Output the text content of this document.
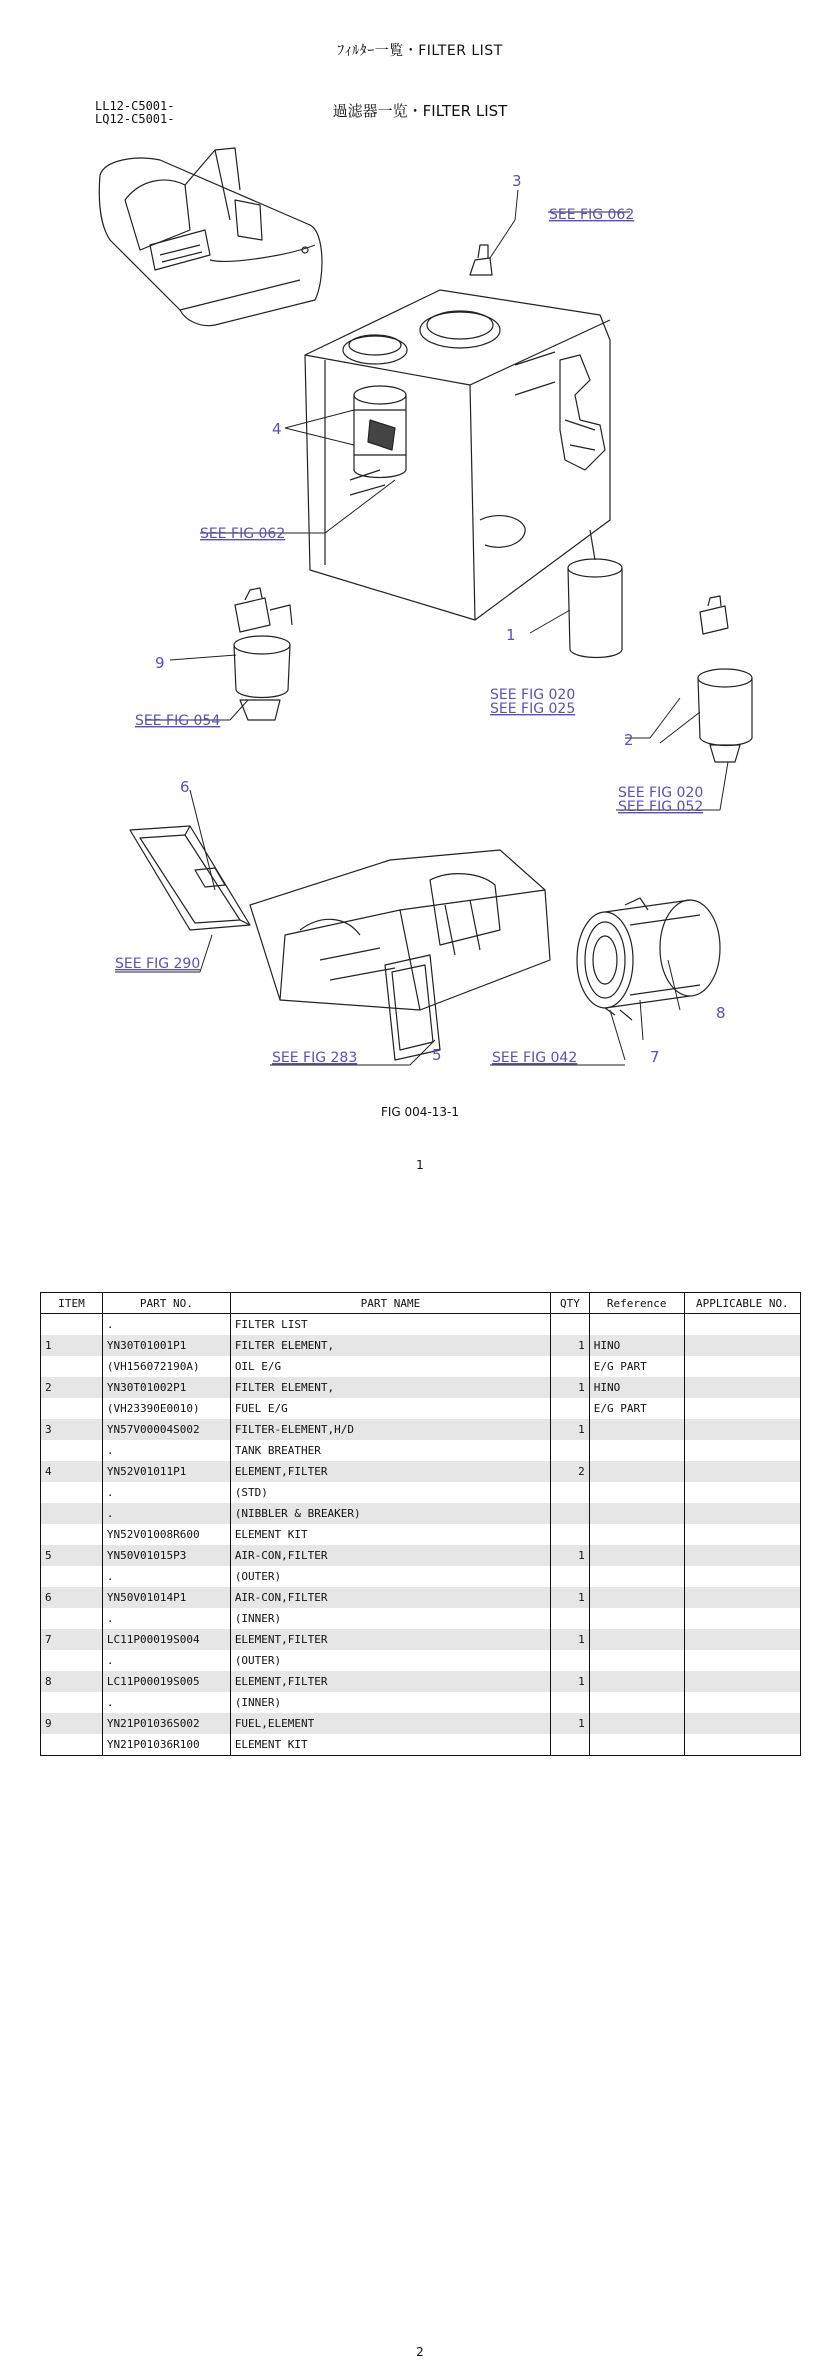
ﾌｨﾙﾀｰ一覧・FILTER LIST
LL12-C5001-
LQ12-C5001-	過滤器一览・FILTER LIST
3
SEE FIG 062
4
SEE FIG 062
1
9
SEE FIG 054
SEE FIG 020
SEE FIG 025
2
SEE FIG 020
SEE FIG 052
6
SEE FIG 290
5
SEE FIG 283
8
7
SEE FIG 042
FIG 004-13-1
1
ITEM	PART NO.	PART NAME	QTY	Reference	APPLICABLE NO.
	.	FILTER LIST			
1	YN30T01001P1	FILTER ELEMENT,	1	HINO	
	(VH156072190A)	OIL E/G		E/G PART	
2	YN30T01002P1	FILTER ELEMENT,	1	HINO	
	(VH23390E0010)	FUEL E/G		E/G PART	
3	YN57V00004S002	FILTER-ELEMENT,H/D	1		
	.	TANK BREATHER			
4	YN52V01011P1	ELEMENT,FILTER	2		
	.	(STD)			
	.	(NIBBLER & BREAKER)			
	YN52V01008R600	ELEMENT KIT			
5	YN50V01015P3	AIR-CON,FILTER	1		
	.	(OUTER)			
6	YN50V01014P1	AIR-CON,FILTER	1		
	.	(INNER)			
7	LC11P00019S004	ELEMENT,FILTER	1		
	.	(OUTER)			
8	LC11P00019S005	ELEMENT,FILTER	1		
	.	(INNER)			
9	YN21P01036S002	FUEL,ELEMENT	1		
	YN21P01036R100	ELEMENT KIT			
2
